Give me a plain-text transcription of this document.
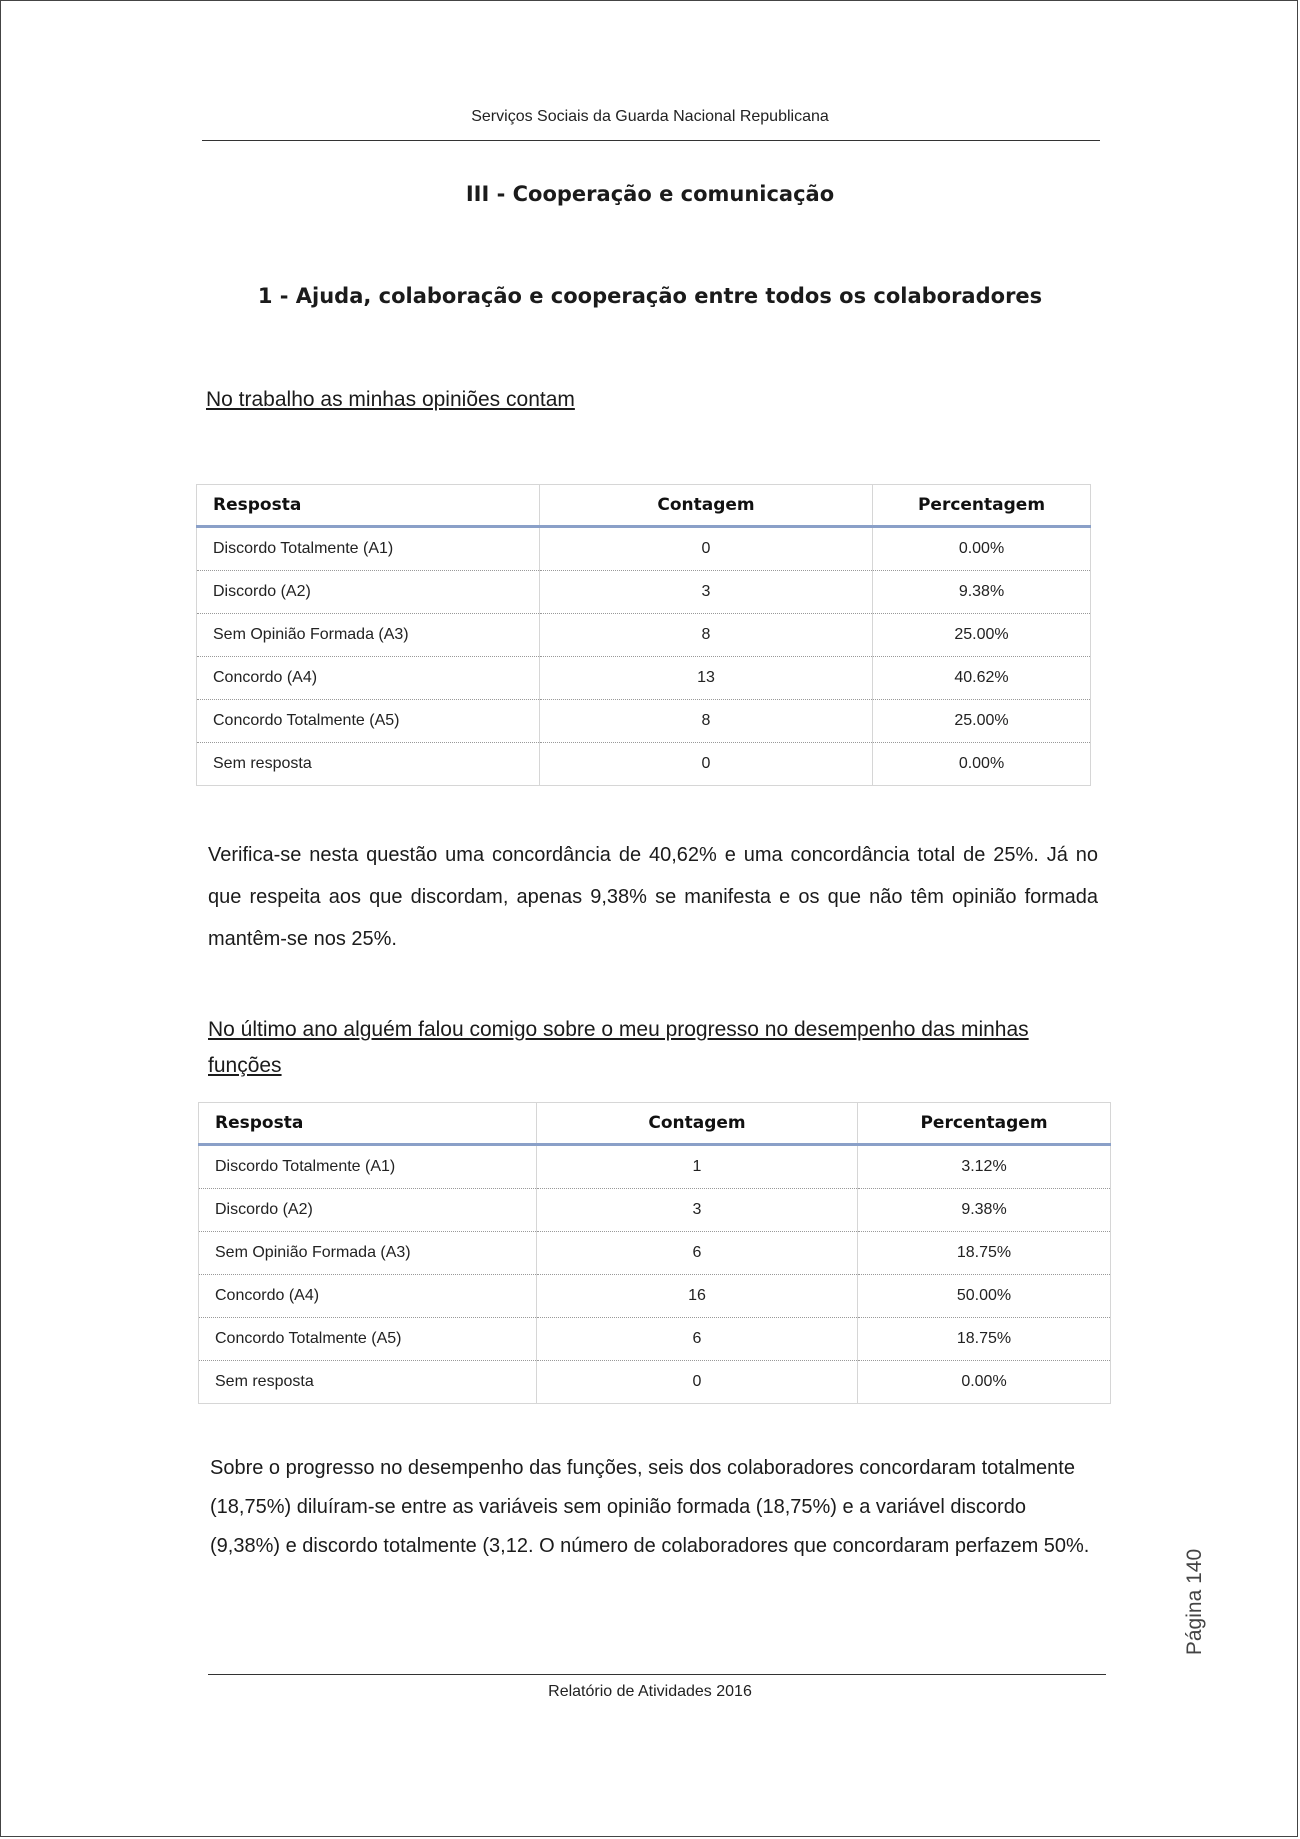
Serviços Sociais da Guarda Nacional Republicana
III - Cooperação e comunicação
1 - Ajuda, colaboração e cooperação entre todos os colaboradores
No trabalho as minhas opiniões contam
Resposta	Contagem	Percentagem
Discordo Totalmente (A1)	0	0.00%
Discordo (A2)	3	9.38%
Sem Opinião Formada (A3)	8	25.00%
Concordo (A4)	13	40.62%
Concordo Totalmente (A5)	8	25.00%
Sem resposta	0	0.00%
Verifica-se nesta questão uma concordância de 40,62% e uma concordância total de 25%. Já no que respeita aos que discordam, apenas 9,38% se manifesta e os que não têm opinião formada mantêm-se nos 25%.
No último ano alguém falou comigo sobre o meu progresso no desempenho das minhas funções
Resposta	Contagem	Percentagem
Discordo Totalmente (A1)	1	3.12%
Discordo (A2)	3	9.38%
Sem Opinião Formada (A3)	6	18.75%
Concordo (A4)	16	50.00%
Concordo Totalmente (A5)	6	18.75%
Sem resposta	0	0.00%
Sobre o progresso no desempenho das funções, seis dos colaboradores concordaram totalmente (18,75%) diluíram-se entre as variáveis sem opinião formada (18,75%) e a variável discordo (9,38%) e discordo totalmente (3,12. O número de colaboradores que concordaram perfazem 50%.
Página 140
Relatório de Atividades 2016
